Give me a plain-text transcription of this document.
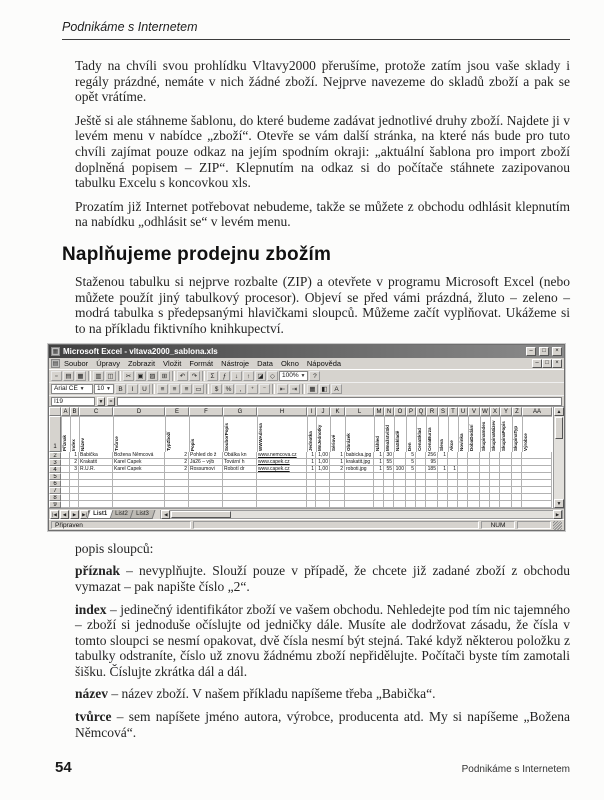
Podnikáme s Internetem

Tady na chvíli svou prohlídku Vltavy2000 přerušíme, protože zatím jsou vaše sklady i regály prázdné, nemáte v nich žádné zboží. Nejprve navezeme do skladů zboží a pak se opět vrátíme.

Ještě si ale stáhneme šablonu, do které budeme zadávat jednotlivé druhy zboží. Najdete ji v levém menu v nabídce „zboží“. Otevře se vám další stránka, na které nás bude pro tuto chvíli zajímat pouze odkaz na jejím spodním okraji: „aktuální šablona pro import zboží doplněná popisem – ZIP“. Klepnutím na odkaz si do počítače stáhnete zazipovanou tabulku Excelu s koncovkou xls.

Prozatím již Internet potřebovat nebudeme, takže se můžete z obchodu odhlásit klepnutím na nabídku „odhlásit se“ v levém menu.

Naplňujeme prodejnu zbožím

Staženou tabulku si nejprve rozbalte (ZIP) a otevřete v programu Microsoft Excel (nebo můžete použít jiný tabulkový procesor). Objeví se před vámi prázdná, žluto – zeleno – modrá tabulka s předepsanými hlavičkami sloupců. Můžeme začít vyplňovat. Ukážeme si to na příkladu fiktivního knihkupectví.

▦ Microsoft Excel - vltava2000_sablona.xls	–	□	×
▤ Soubor	Úpravy	Zobrazit	Vložit	Formát	Nástroje	Data	Okno	Nápověda	–	□	×
▫	▤ ▦	▥ ◫	✂ ▣ ▨ ⊞	↶	↷	Σ	ƒ	↓	↑	◪ ◇	100% ▼	?
Arial CE ▼	10 ▼	B	I	U	≡	≡	≡	▭	$	%	,	⁺	⁻	⇤	⇥	▦ ◧	A
I19	▼	=
A B	C	D	E	F	G	H	I	J	K	L	M N	O	P Q	R	S	T	U	V	W X	Y	Z	AA
1	Příznak Index Název	Tvůrce	TypZboží	Popis	SouborPopis	WWWAdresa	Jednotka MnJednotky	Sériové	Obrázek	Náhled	MnožstvíSkl	NaSkladě	Den	CenaSklad	CenaBurza	Sleva	Akce	Novinka	DobaDodání	SkupinaIndex	SkupinaNázev	SkupinaPopis	SkupinaTyp	Výrobce
2	1 Babička	Božena Němcová	2 Pohled do ž	Obálka kn	www.nemcova.cz	1 1,00	1 babicka.jpg	1 30	5	256	1
3	2 Krakatit	Karel Čapek	2 Já26 – výb	Tovární h	www.capek.cz	1 1,00	1 krakatit.jpg	1 55	5	95
4	3 R.U.R.	Karel Čapek	2 Rossumovi	Robotí dr	www.capek.cz	1 1,00	2 roboti.jpg	1 55 100	5	185	1	1
5
6
7
8
9
▲
▼
|◀	◀	▶	▶|	List1 List2 List3	◀	▶
Připraven	NUM

popis sloupců:

příznak – nevyplňujte. Slouží pouze v případě, že chcete již zadané zboží z obchodu vymazat – pak napište číslo „2“.

index – jedinečný identifikátor zboží ve vašem obchodu. Nehledejte pod tím nic tajemného – zboží si jednoduše očíslujte od jedničky dále. Musíte ale dodržovat zásadu, že čísla v tomto sloupci se nesmí opakovat, dvě čísla nesmí být stejná. Také když některou položku z tabulky odstraníte, číslo už znovu žádnému zboží nepřidělujte. Počítači byste tím zamotali šišku. Číslujte zkrátka dál a dál.

název – název zboží. V našem příkladu napíšeme třeba „Babička“.

tvůrce – sem napíšete jméno autora, výrobce, producenta atd. My si napíšeme „Božena Němcová“.

54	Podnikáme s Internetem
